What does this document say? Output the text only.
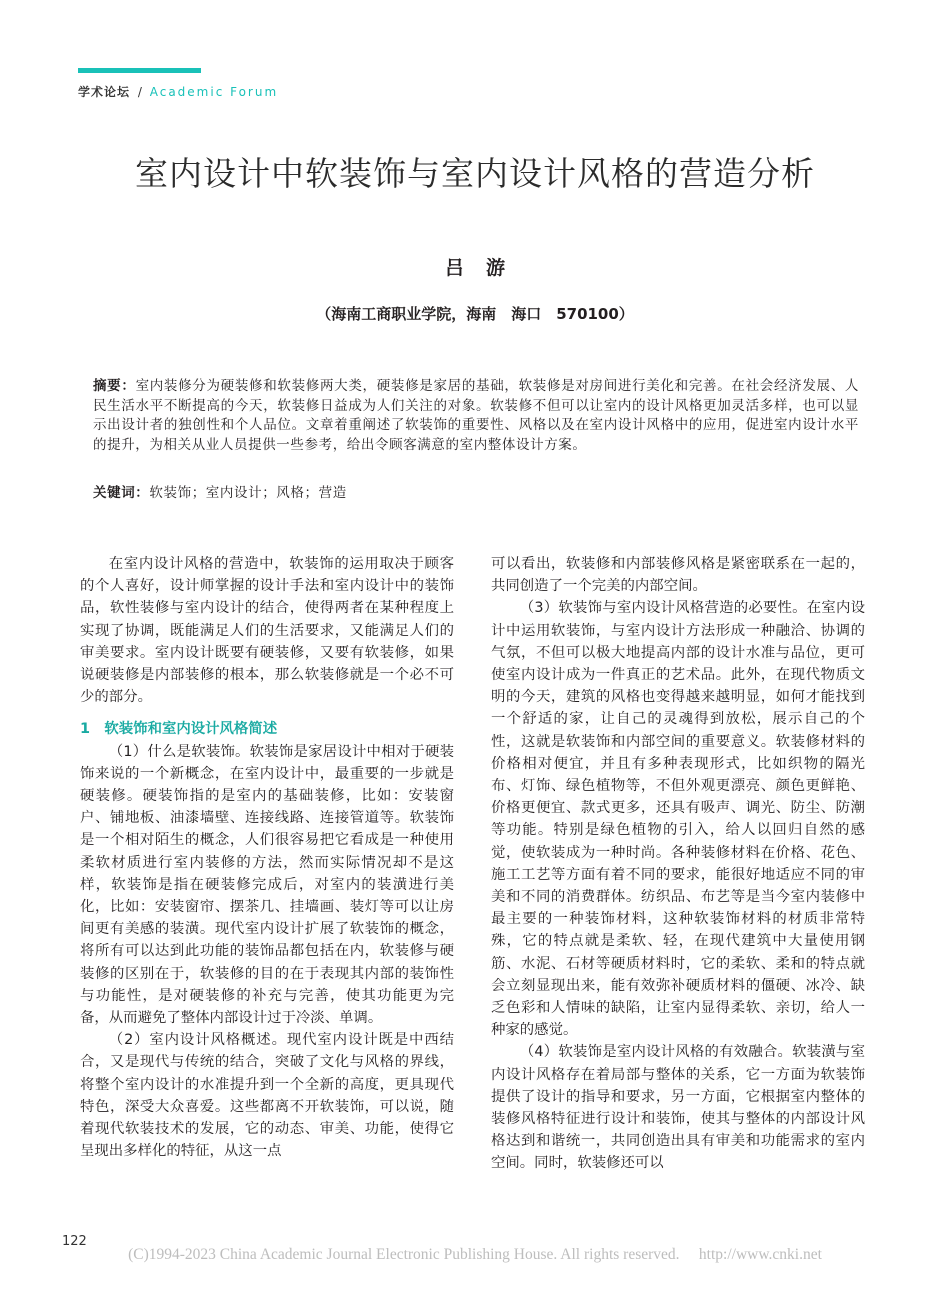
学术论坛 / Academic Forum
室内设计中软装饰与室内设计风格的营造分析
吕游
（海南工商职业学院，海南　海口　570100）
摘要：室内装修分为硬装修和软装修两大类，硬装修是家居的基础，软装修是对房间进行美化和完善。在社会经济发展、人民生活水平不断提高的今天，软装修日益成为人们关注的对象。软装修不但可以让室内的设计风格更加灵活多样，也可以显示出设计者的独创性和个人品位。文章着重阐述了软装饰的重要性、风格以及在室内设计风格中的应用，促进室内设计水平的提升，为相关从业人员提供一些参考，给出令顾客满意的室内整体设计方案。
关键词：软装饰；室内设计；风格；营造

在室内设计风格的营造中，软装饰的运用取决于顾客的个人喜好，设计师掌握的设计手法和室内设计中的装饰品，软性装修与室内设计的结合，使得两者在某种程度上实现了协调，既能满足人们的生活要求，又能满足人们的审美要求。室内设计既要有硬装修，又要有软装修，如果说硬装修是内部装修的根本，那么软装修就是一个必不可少的部分。

1　软装饰和室内设计风格简述

（1）什么是软装饰。软装饰是家居设计中相对于硬装饰来说的一个新概念，在室内设计中，最重要的一步就是硬装修。硬装饰指的是室内的基础装修，比如：安装窗户、铺地板、油漆墙壁、连接线路、连接管道等。软装饰是一个相对陌生的概念，人们很容易把它看成是一种使用柔软材质进行室内装修的方法，然而实际情况却不是这样，软装饰是指在硬装修完成后，对室内的装潢进行美化，比如：安装窗帘、摆茶几、挂墙画、装灯等可以让房间更有美感的装潢。现代室内设计扩展了软装饰的概念，将所有可以达到此功能的装饰品都包括在内，软装修与硬装修的区别在于，软装修的目的在于表现其内部的装饰性与功能性，是对硬装修的补充与完善，使其功能更为完备，从而避免了整体内部设计过于冷淡、单调。

（2）室内设计风格概述。现代室内设计既是中西结合，又是现代与传统的结合，突破了文化与风格的界线，将整个室内设计的水准提升到一个全新的高度，更具现代特色，深受大众喜爱。这些都离不开软装饰，可以说，随着现代软装技术的发展，它的动态、审美、功能，使得它呈现出多样化的特征，从这一点

可以看出，软装修和内部装修风格是紧密联系在一起的，共同创造了一个完美的内部空间。

（3）软装饰与室内设计风格营造的必要性。在室内设计中运用软装饰，与室内设计方法形成一种融洽、协调的气氛，不但可以极大地提高内部的设计水准与品位，更可使室内设计成为一件真正的艺术品。此外，在现代物质文明的今天，建筑的风格也变得越来越明显，如何才能找到一个舒适的家，让自己的灵魂得到放松，展示自己的个性，这就是软装饰和内部空间的重要意义。软装修材料的价格相对便宜，并且有多种表现形式，比如织物的隔光布、灯饰、绿色植物等，不但外观更漂亮、颜色更鲜艳、价格更便宜、款式更多，还具有吸声、调光、防尘、防潮等功能。特别是绿色植物的引入，给人以回归自然的感觉，使软装成为一种时尚。各种装修材料在价格、花色、施工工艺等方面有着不同的要求，能很好地适应不同的审美和不同的消费群体。纺织品、布艺等是当今室内装修中最主要的一种装饰材料，这种软装饰材料的材质非常特殊，它的特点就是柔软、轻，在现代建筑中大量使用钢筋、水泥、石材等硬质材料时，它的柔软、柔和的特点就会立刻显现出来，能有效弥补硬质材料的僵硬、冰冷、缺乏色彩和人情味的缺陷，让室内显得柔软、亲切，给人一种家的感觉。

（4）软装饰是室内设计风格的有效融合。软装潢与室内设计风格存在着局部与整体的关系，它一方面为软装饰提供了设计的指导和要求，另一方面，它根据室内整体的装修风格特征进行设计和装饰，使其与整体的内部设计风格达到和谐统一，共同创造出具有审美和功能需求的室内空间。同时，软装修还可以

122
(C)1994-2023 China Academic Journal Electronic Publishing House. All rights reserved.　 http://www.cnki.net
